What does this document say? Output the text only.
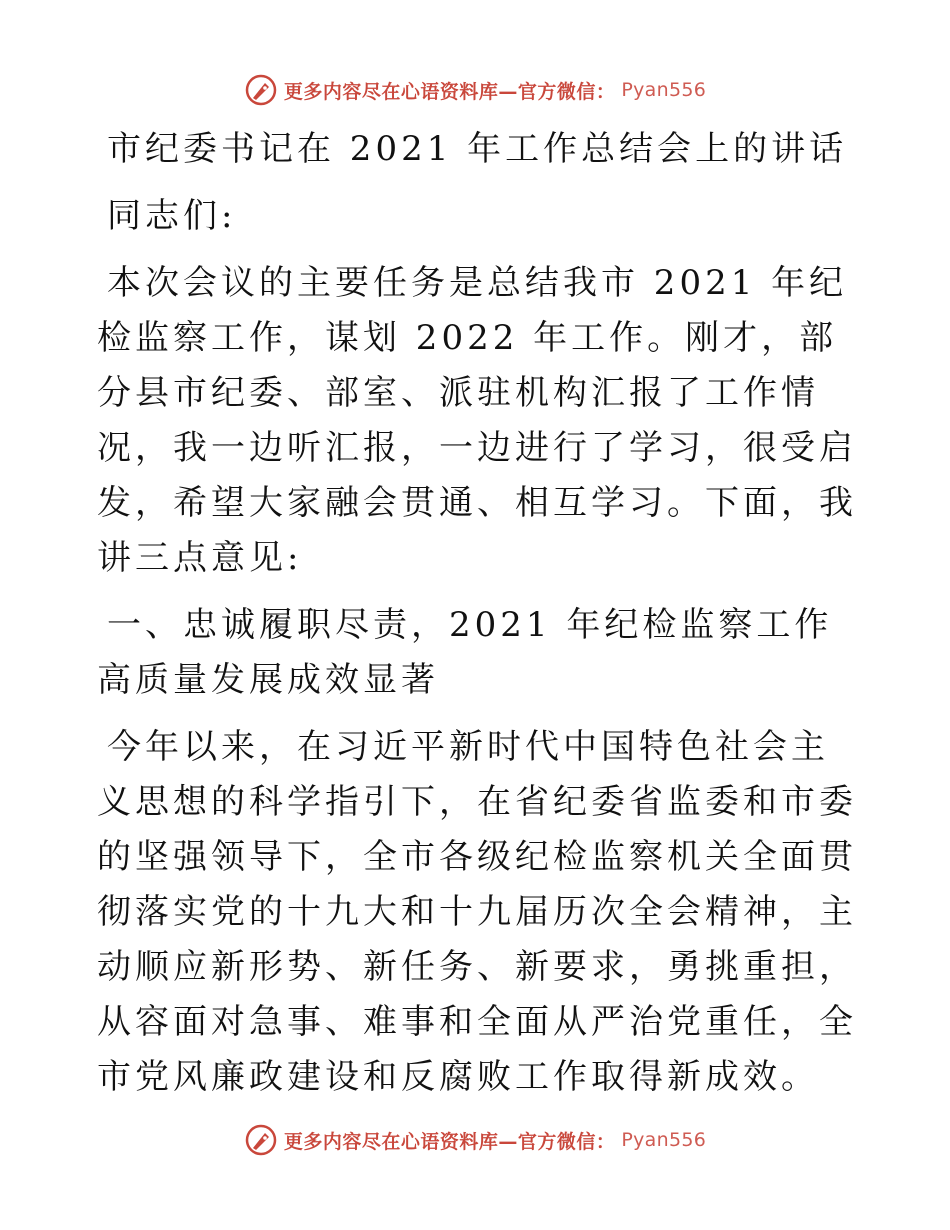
更多内容尽在心语资料库—官方微信： Pyan556

市纪委书记在 2021 年工作总结会上的讲话

同志们:

本次会议的主要任务是总结我市 2021 年纪检监察工作，谋划 2022 年工作。刚才，部分县市纪委、部室、派驻机构汇报了工作情况，我一边听汇报，一边进行了学习，很受启发，希望大家融会贯通、相互学习。下面，我讲三点意见:

一、忠诚履职尽责，2021 年纪检监察工作高质量发展成效显著

今年以来，在习近平新时代中国特色社会主义思想的科学指引下，在省纪委省监委和市委的坚强领导下，全市各级纪检监察机关全面贯彻落实党的十九大和十九届历次全会精神，主动顺应新形势、新任务、新要求，勇挑重担，从容面对急事、难事和全面从严治党重任，全市党风廉政建设和反腐败工作取得新成效。

更多内容尽在心语资料库—官方微信： Pyan556
